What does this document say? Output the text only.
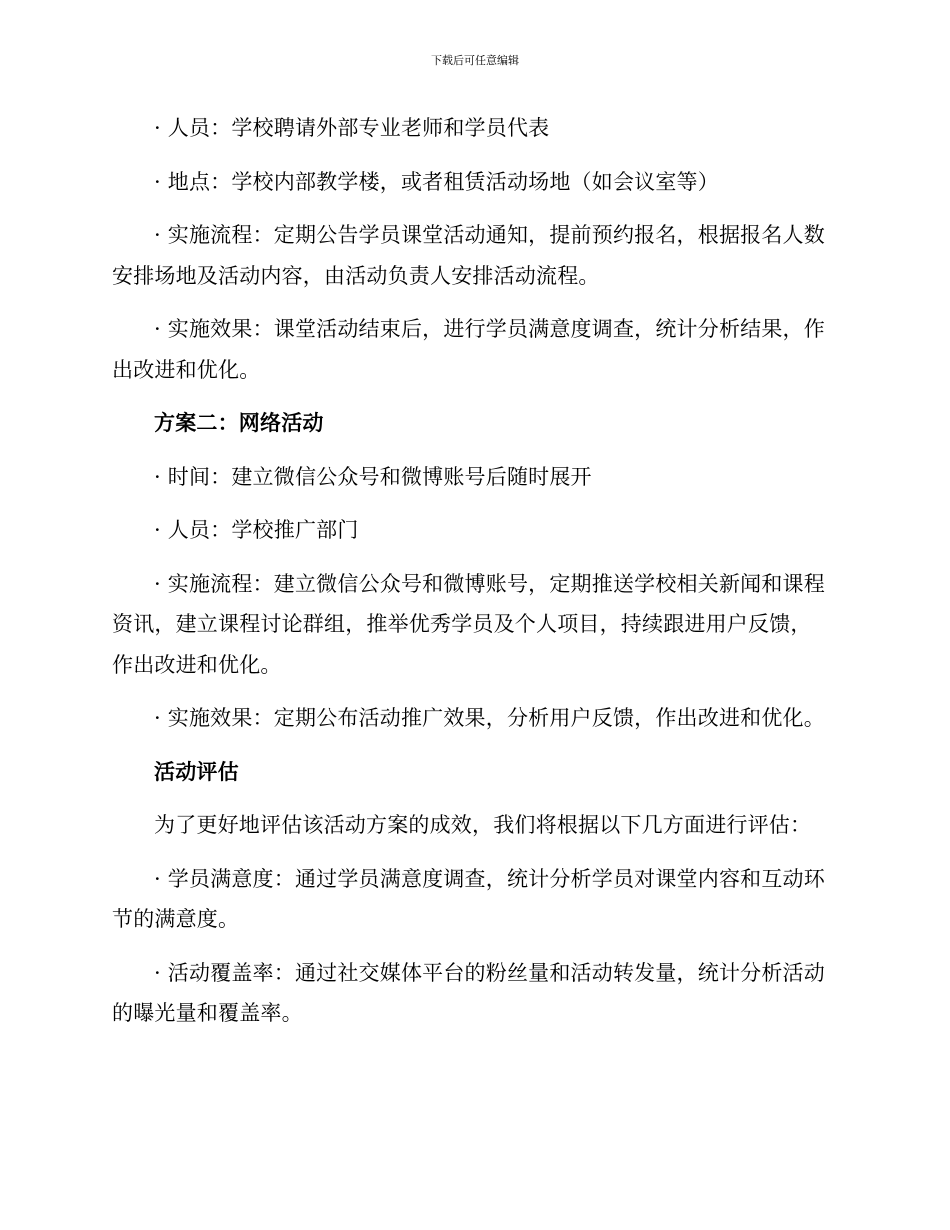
下载后可任意编辑

· 人员：学校聘请外部专业老师和学员代表

· 地点：学校内部教学楼，或者租赁活动场地（如会议室等）

· 实施流程：定期公告学员课堂活动通知，提前预约报名，根据报名人数安排场地及活动内容，由活动负责人安排活动流程。

· 实施效果：课堂活动结束后，进行学员满意度调查，统计分析结果，作出改进和优化。

方案二：网络活动

· 时间：建立微信公众号和微博账号后随时展开

· 人员：学校推广部门

· 实施流程：建立微信公众号和微博账号，定期推送学校相关新闻和课程资讯，建立课程讨论群组，推举优秀学员及个人项目，持续跟进用户反馈，作出改进和优化。

· 实施效果：定期公布活动推广效果，分析用户反馈，作出改进和优化。

活动评估

为了更好地评估该活动方案的成效，我们将根据以下几方面进行评估：

· 学员满意度：通过学员满意度调查，统计分析学员对课堂内容和互动环节的满意度。

· 活动覆盖率：通过社交媒体平台的粉丝量和活动转发量，统计分析活动的曝光量和覆盖率。
